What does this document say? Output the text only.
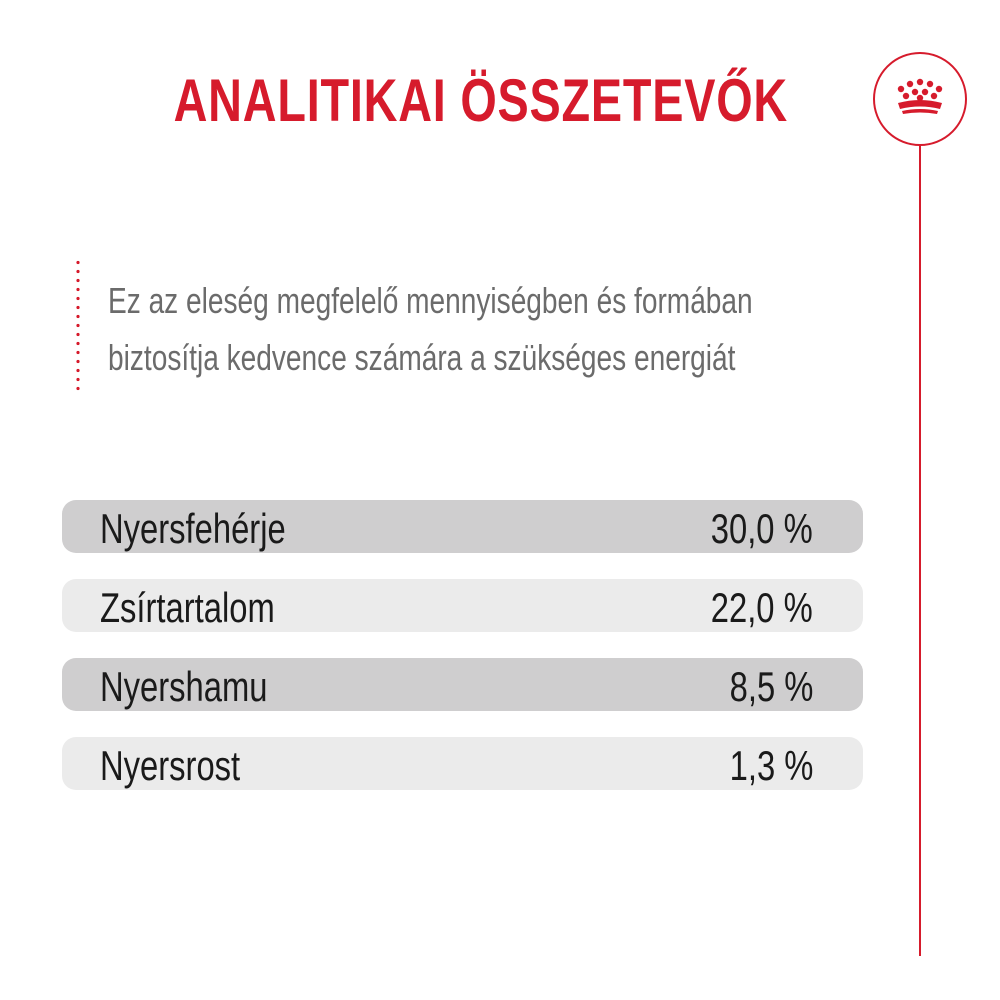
ANALITIKAI ÖSSZETEVŐK
Ez az eleség megfelelő mennyiségben és formában
biztosítja kedvence számára a szükséges energiát
Nyersfehérje	30,0 %
Zsírtartalom	22,0 %
Nyershamu	8,5 %
Nyersrost	1,3 %
